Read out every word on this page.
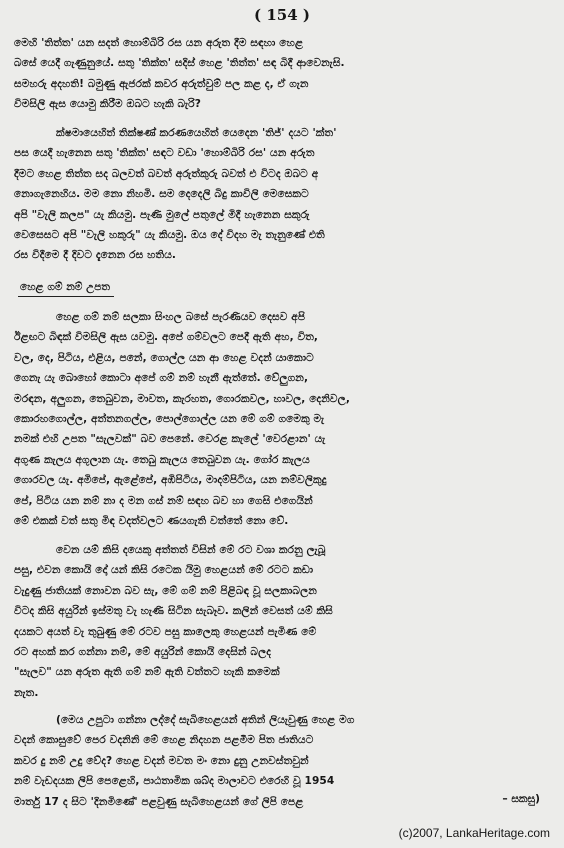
( 154 )
මෙහි 'තිත්ත' යන සදත් හොම්බිරි රස යන අරුත දීම සඳහා හෙළ
බසේ යෙදී ගැණුනුයේ. සතු 'තික්ත' සදිස් හෙළ 'තිත්ත' සඳ බිදී ආවෙනැසි.
සමහරු අදහති! බමුණු ඇජරක් කවර අරුත්වුම් පල කළ ද, ඒ ගැන
විමසිලි ඇස යොමු කිරීම ඔබට හැකි බැරි?
ක්ෂමායෙහිත් තික්ෂණ් කරණයෙහිත් යෙදෙන 'තිජ්' දයට 'ක්ත'
පස යෙදී හැනෙන සතු 'තික්ත' සඳට වඩා 'හොම්බිරි රස' යන අරුත
දීමට හෙළ තිත්ත සද බලවත් බවත් අරුත්කුරු බවත් එ විටද ඔබට අ
නොගැනෙහිය. මම නො නිහමි. සම දෙදෙලි බිදු කාවිලි මෙසෙකට
අපි "වැලි කලප" යැ කියමු. පැණි මුලේ පතුලේ මිදී හැනෙන සකුරු
වෙසෙසට අපි "වැලි හකුරු" යැ කියමු. ඔය දේ විදහ මැ තැනුණේ එති
රස විදීමෙ දී දිවට දැනෙන රස හතිය.
හෙළ ගම් නම් උපත
හෙළ ගම් නම් සලකා සිංහල බසේ පැරණියව දෙසව අපි
ඊළඟට බිඳක් විමසිලි ඇස යවමු. අපේ ගම්වලට පෙදී ඇති අහ, විත,
වල, දෙ, පිටිය, එළිය, පනේ, ගොල්ල යන ආ හෙළ වදන් යාකොට
ගෙනැ යැ බොහෝ කොටා අපේ ගම් නම් හැනී ඇත්තේ. වේලුගන,
මරඳන, අලුගන, තෙබුවන, මාවත, කැරහත, ගොරකවල, හාවල, දෙනිවල,
කොරහගොල්ල, අත්තනගල්ල, පොල්ගොල්ල යන මේ ගම් ගමෙකු මැ
නමක් එහි උපත "සැලවක්" බව පෙනේ. වෙරළ කැලේ 'වෙරළාන' යැ
අගුණ කැලය අගුලාන යැ. තෙබු කැලය තෙබුවන යැ. ගෝර කැලය
ගොරවල යැ. අමිපේ, ඇළේපේ, අඹිපිටිය, මාදම්පිටිය, යන නම්වලිකුදු
පේ, පිටිය යන නම් නා ද මන ගස් නම් සඳහ බව හා ගෙසි එගෙයින්
මේ එකක් වත් සතු මිඳ වදත්වලට ණයගැති වත්තේ නො වේ.
වෙන යම් කිසි දයෙකු අත්තත් විසින් මේ රට වශා කරනු ලැබූ
පසු, එවන කොයි දෝ යන් කිසි රටෙක යිමු හෙළයන් මේ රටට කඩා
වැදුණු ජාතියක් නොවන බව සැ, මේ ගම් නම් පිළිබඳ වූ සලකාබලන
විටද කිසි අයුරින් ඉස්මතු වැ හැණි සිටින සැබෑව. කලින් වෙසත් යම් කිසි
දයකට අයත් වැ තුබුණු මේ රටව පසු කාලෙකු හෙළයන් පැමිණ මේ
රට අහක් කර ගන්නා නම්, මේ අයුරින් කොයි දෙසින් බලද
"සැලව" යන අරුත ඇති ගම් නම් ඇති වත්තට හැකි කමෙක්
නැත.
(මෙය උපුටා ගන්නා ලද්දේ සැබිහෙළයන් අතින් ලියැවුණු හෙළ මග
වදන් කොසුවේ පෙර වදනිනි මේ හෙළ නිදහන පළමීම පිත ජාතියට
කවර දු නම් උදු වේද? හෙළ වදන් මවත මං නො දුනු උනවස්තවුන්
නම් වැඩදයක ලිපි පෙළෙහි, පාඨතාමික ශබ්ද මාලාවට එරෙහි වූ 1954
මාර්තු 17 ද සිට 'දිනමිණේ' පළවුණු සැබිහෙළයන් ගේ ලිපි පෙළ	– සකසු)
(c)2007, LankaHeritage.com
